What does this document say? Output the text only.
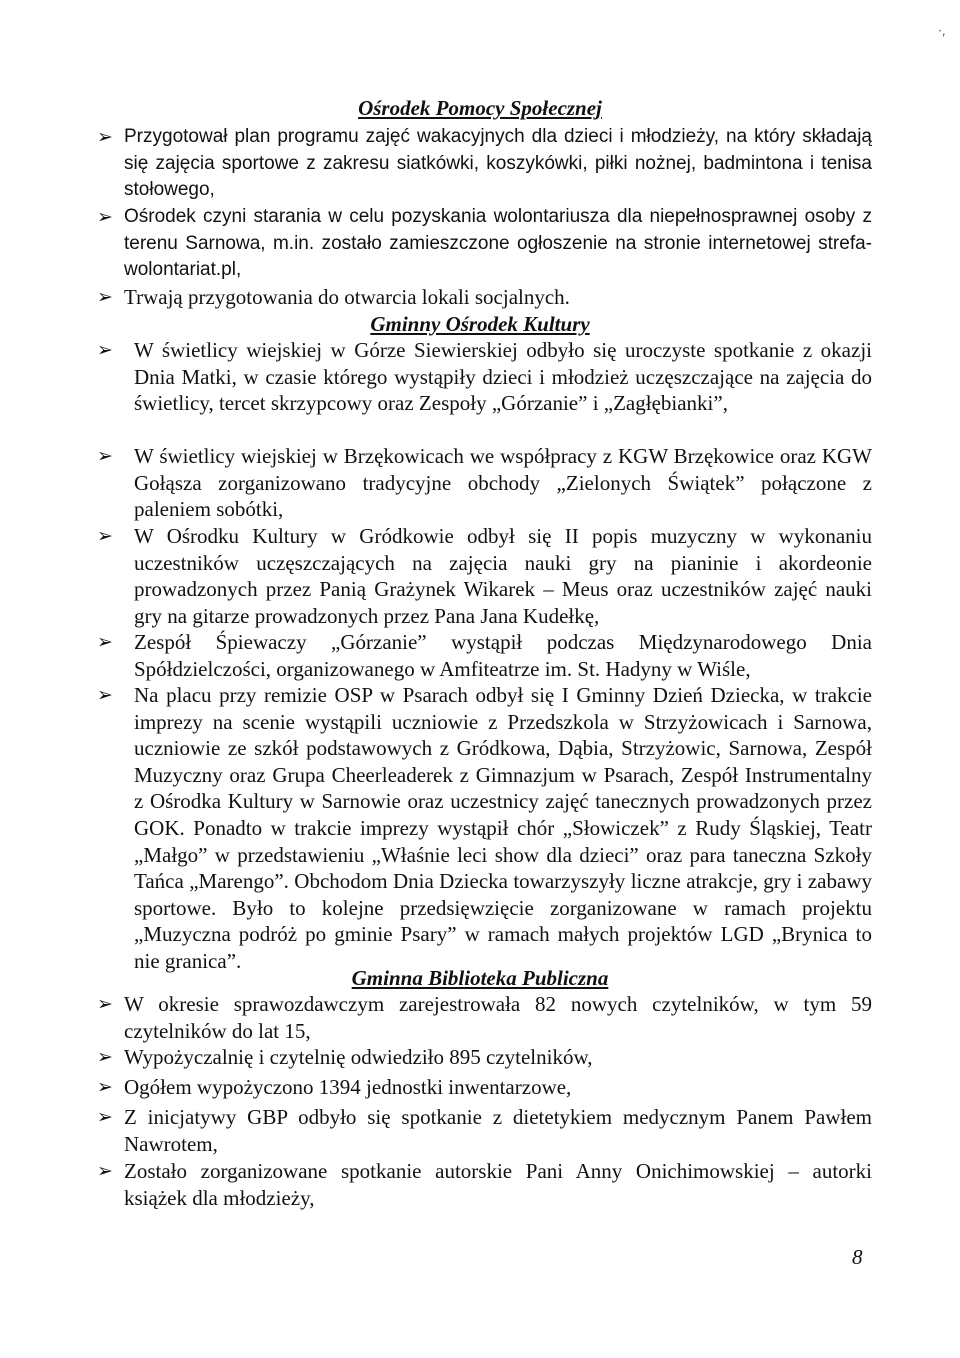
·,
Ośrodek Pomocy Społecznej
➢ Przygotował plan programu zajęć wakacyjnych dla dzieci i młodzieży, na który składają się zajęcia sportowe z zakresu siatkówki, koszykówki, piłki nożnej, badmintona i tenisa stołowego,
➢ Ośrodek czyni starania w celu pozyskania wolontariusza dla niepełnosprawnej osoby z terenu Sarnowa, m.in. zostało zamieszczone ogłoszenie na stronie internetowej strefa-wolontariat.pl,
➢ Trwają przygotowania do otwarcia lokali socjalnych.
Gminny Ośrodek Kultury
➢	W świetlicy wiejskiej w Górze Siewierskiej odbyło się uroczyste spotkanie z okazji Dnia Matki, w czasie którego wystąpiły dzieci i młodzież uczęszczające na zajęcia do świetlicy, tercet skrzypcowy oraz Zespoły „Górzanie” i „Zagłębianki”,
➢	W świetlicy wiejskiej w Brzękowicach we współpracy z KGW Brzękowice oraz KGW Gołąsza zorganizowano tradycyjne obchody „Zielonych Świątek” połączone z paleniem sobótki,
➢	W Ośrodku Kultury w Gródkowie odbył się II popis muzyczny w wykonaniu uczestników uczęszczających na zajęcia nauki gry na pianinie i akordeonie prowadzonych przez Panią Grażynek Wikarek – Meus oraz uczestników zajęć nauki gry na gitarze prowadzonych przez Pana Jana Kudełkę,
➢	Zespół Śpiewaczy „Górzanie” wystąpił podczas Międzynarodowego Dnia Spółdzielczości, organizowanego w Amfiteatrze im. St. Hadyny w Wiśle,
➢	Na placu przy remizie OSP w Psarach odbył się I Gminny Dzień Dziecka, w trakcie imprezy na scenie wystąpili uczniowie z Przedszkola w Strzyżowicach i Sarnowa, uczniowie ze szkół podstawowych z Gródkowa, Dąbia, Strzyżowic, Sarnowa, Zespół Muzyczny oraz Grupa Cheerleaderek z Gimnazjum w Psarach, Zespół Instrumentalny z Ośrodka Kultury w Sarnowie oraz uczestnicy zajęć tanecznych prowadzonych przez GOK. Ponadto w trakcie imprezy wystąpił chór „Słowiczek” z Rudy Śląskiej, Teatr „Małgo” w przedstawieniu „Właśnie leci show dla dzieci” oraz para taneczna Szkoły Tańca „Marengo”. Obchodom Dnia Dziecka towarzyszyły liczne atrakcje, gry i zabawy sportowe. Było to kolejne przedsięwzięcie zorganizowane w ramach projektu „Muzyczna podróż po gminie Psary” w ramach małych projektów LGD „Brynica to nie granica”.
Gminna Biblioteka Publiczna
➢ W okresie sprawozdawczym zarejestrowała 82 nowych czytelników, w tym 59 czytelników do lat 15,
➢ Wypożyczalnię i czytelnię odwiedziło 895 czytelników,
➢ Ogółem wypożyczono 1394 jednostki inwentarzowe,
➢ Z inicjatywy GBP odbyło się spotkanie z dietetykiem medycznym Panem Pawłem Nawrotem,
➢ Zostało zorganizowane spotkanie autorskie Pani Anny Onichimowskiej – autorki książek dla młodzieży,
8
